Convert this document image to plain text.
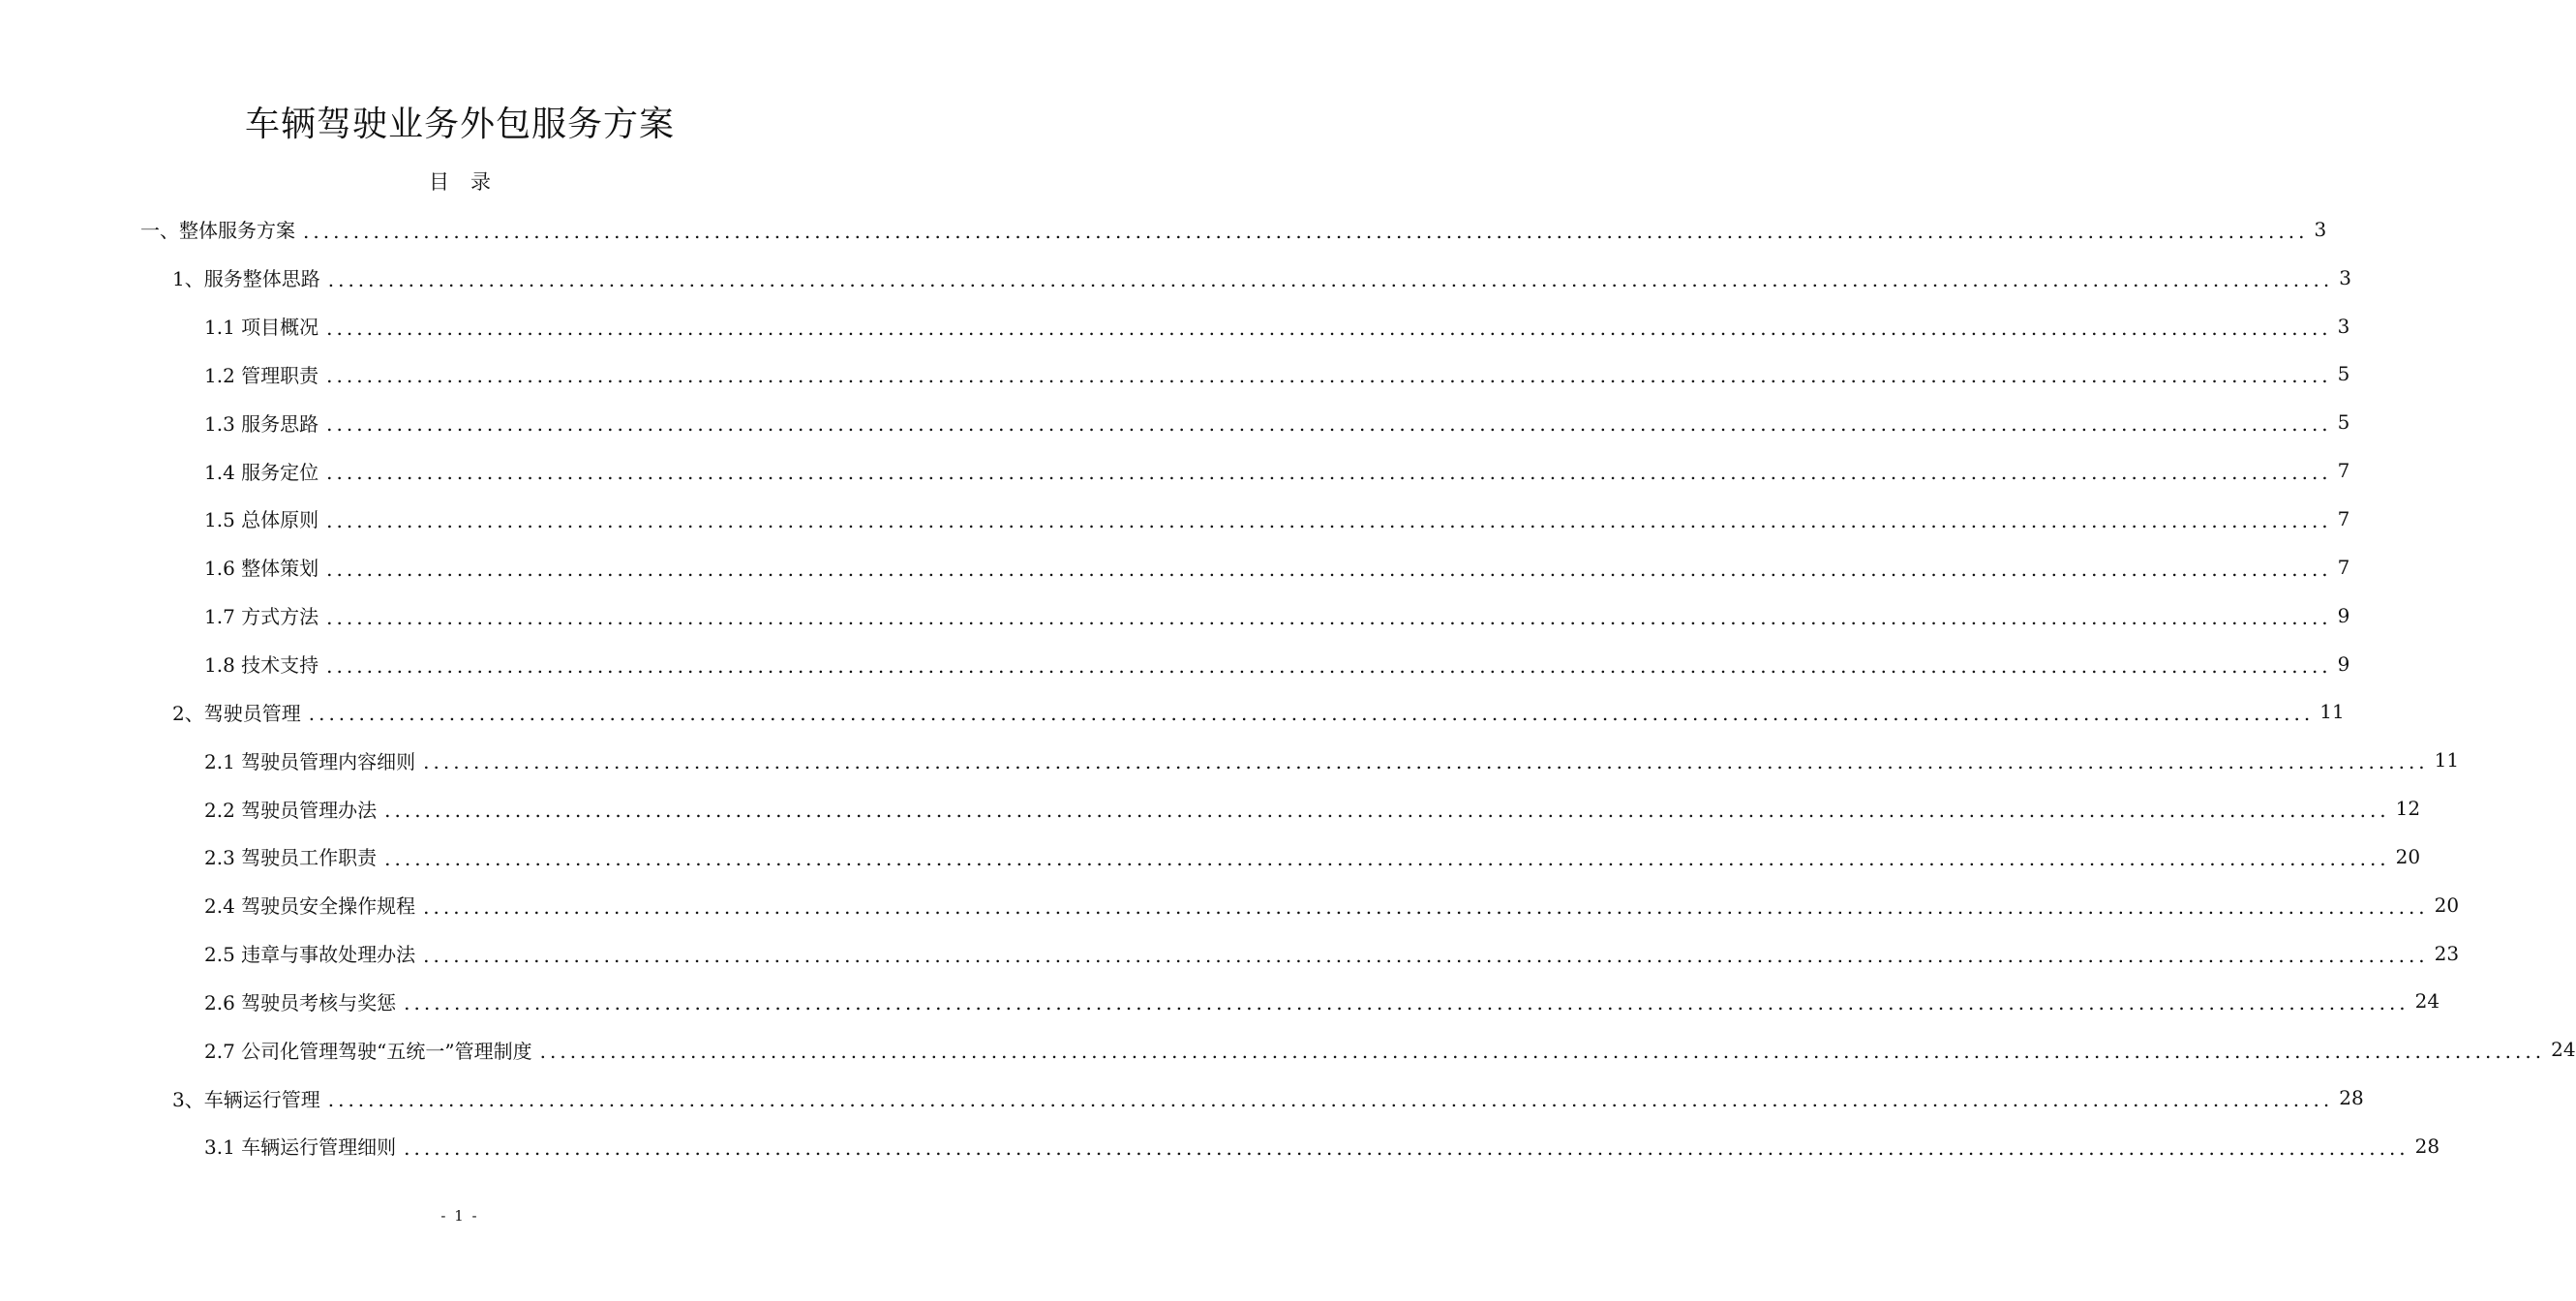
车辆驾驶业务外包服务方案
目录
一、整体服务方案 ........................................................................................................................................................................................................ 3
1、服务整体思路 ........................................................................................................................................................................................................ 3
1.1 项目概况 ........................................................................................................................................................................................................ 3
1.2 管理职责 ........................................................................................................................................................................................................ 5
1.3 服务思路 ........................................................................................................................................................................................................ 5
1.4 服务定位 ........................................................................................................................................................................................................ 7
1.5 总体原则 ........................................................................................................................................................................................................ 7
1.6 整体策划 ........................................................................................................................................................................................................ 7
1.7 方式方法 ........................................................................................................................................................................................................ 9
1.8 技术支持 ........................................................................................................................................................................................................ 9
2、驾驶员管理 ........................................................................................................................................................................................................ 11
2.1 驾驶员管理内容细则 ........................................................................................................................................................................................................ 11
2.2 驾驶员管理办法 ........................................................................................................................................................................................................ 12
2.3 驾驶员工作职责 ........................................................................................................................................................................................................ 20
2.4 驾驶员安全操作规程 ........................................................................................................................................................................................................ 20
2.5 违章与事故处理办法 ........................................................................................................................................................................................................ 23
2.6 驾驶员考核与奖惩 ........................................................................................................................................................................................................ 24
2.7 公司化管理驾驶“五统一”管理制度 ........................................................................................................................................................................................................ 24
3、车辆运行管理 ........................................................................................................................................................................................................ 28
3.1 车辆运行管理细则 ........................................................................................................................................................................................................ 28
- 1 -
